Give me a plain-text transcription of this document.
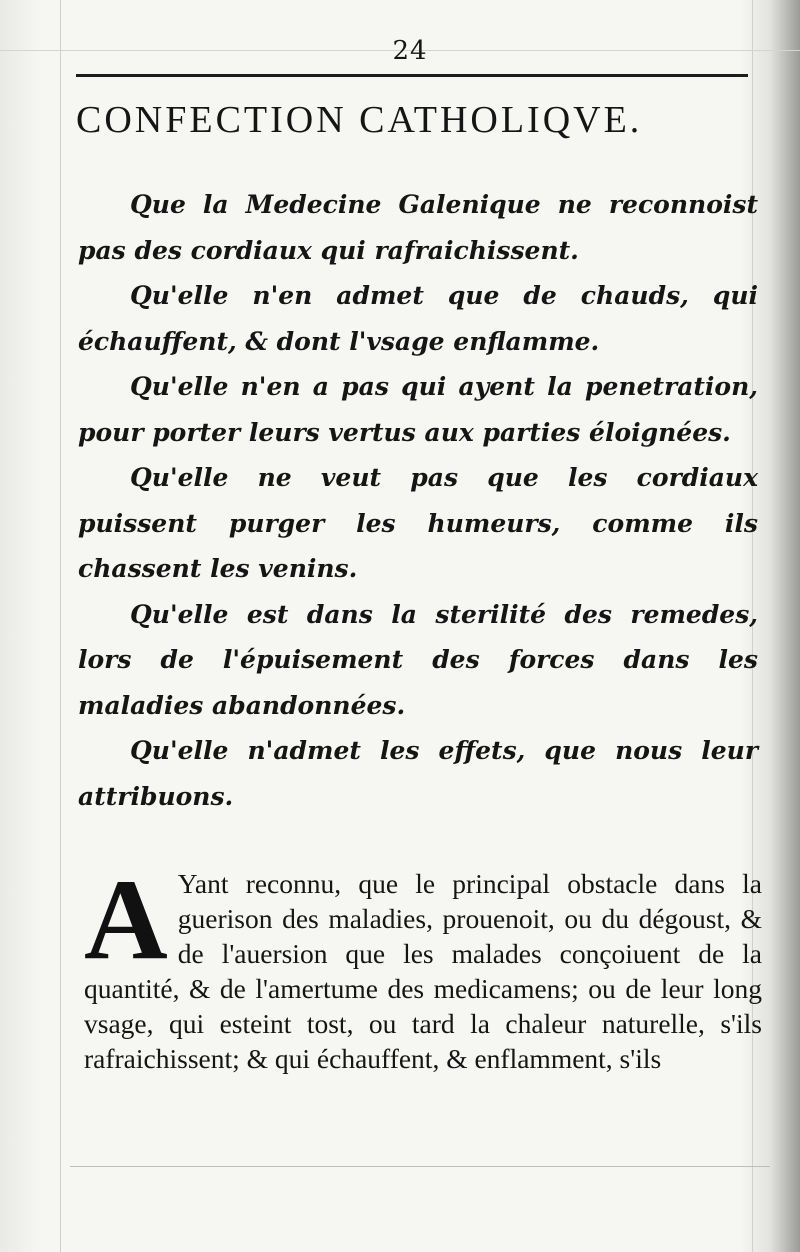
24
CONFECTION CATHOLIQVE.

Que la Medecine Galenique ne reconnoist pas des cordiaux qui rafraichissent.

Qu'elle n'en admet que de chauds, qui échauffent, & dont l'vsage enflamme.

Qu'elle n'en a pas qui ayent la penetration, pour porter leurs vertus aux parties éloignées.

Qu'elle ne veut pas que les cordiaux puissent purger les humeurs, comme ils chassent les venins.

Qu'elle est dans la sterilité des remedes, lors de l'épuisement des forces dans les maladies abandonnées.

Qu'elle n'admet les effets, que nous leur attribuons.

A Yant reconnu, que le principal obstacle dans la guerison des maladies, prouenoit, ou du dégoust, & de l'auersion que les malades conçoiuent de la quantité, & de l'amertume des medicamens; ou de leur long vsage, qui esteint tost, ou tard la chaleur naturelle, s'ils rafraichissent; & qui échauffent, & enflamment, s'ils
